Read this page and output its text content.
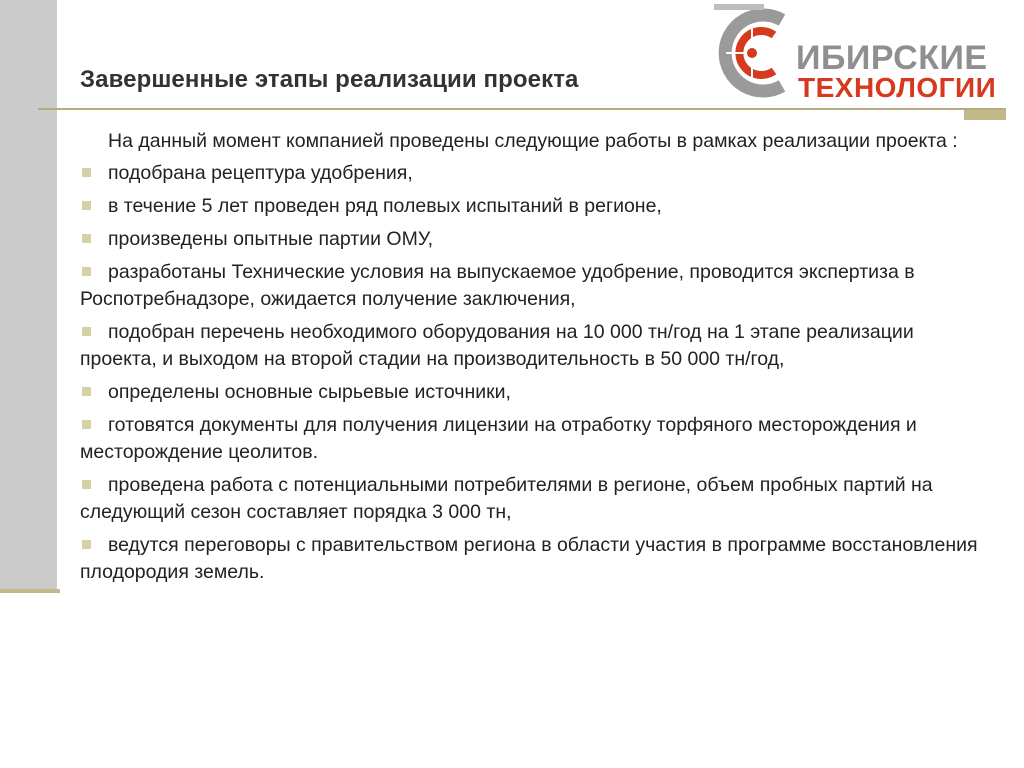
ИБИРСКИЕ
ТЕХНОЛОГИИ
Завершенные этапы реализации проекта

На данный момент компанией проведены следующие работы в рамках реализации проекта :

подобрана рецептура удобрения,
в течение 5 лет проведен ряд полевых испытаний в регионе,
произведены опытные партии ОМУ,
разработаны Технические условия на выпускаемое удобрение, проводится экспертиза в Роспотребнадзоре, ожидается получение заключения,
подобран перечень необходимого оборудования на 10 000 тн/год на 1 этапе реализации проекта, и выходом на второй стадии на производительность в 50 000 тн/год,
определены основные сырьевые источники,
готовятся документы для получения лицензии на отработку торфяного месторождения и месторождение цеолитов.
проведена работа с потенциальными потребителями в регионе, объем пробных партий на следующий сезон составляет порядка 3 000 тн,
ведутся переговоры с правительством региона в области участия в программе восстановления плодородия земель.
